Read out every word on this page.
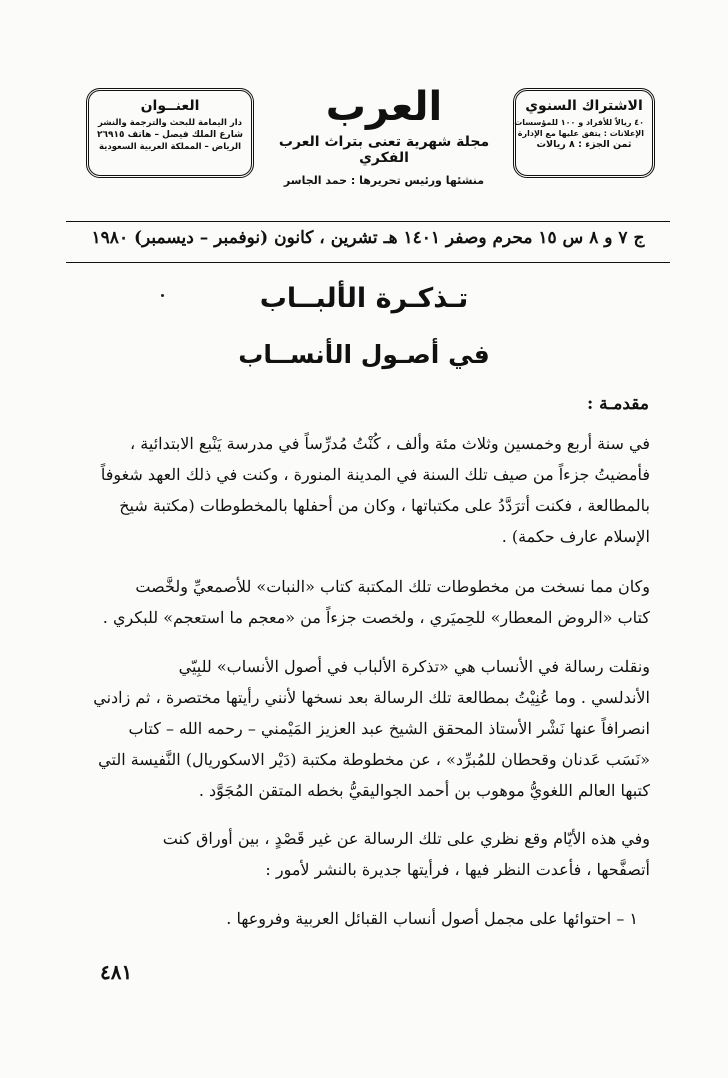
العنــوان
دار اليمامة للبحث والترجمة والنشر
شارع الملك فيصل – هاتف ٢٦٩١٥
الرياض – المملكة العربية السعودية
العرب
مجلة شهرية تعنى بتراث العرب الفكري
منشئها ورئيس تحريرها : حمد الجاسر
الاشتراك السنوي
٤٠ ريالاً للأفراد و ١٠٠ للمؤسسات
الإعلانات : يتفق عليها مع الإدارة
ثمن الجزء : ٨ ريالات
ج ٧ و ٨ س ١٥ محرم وصفر ١٤٠١ هـ تشرين ، كانون (نوفمبر – ديسمبر) ١٩٨٠
تـذكـرة الألبــاب
في أصـول الأنســاب
مقدمـة :
في سنة أربع وخمسين وثلاث مئة وألف ، كُنْتُ مُدرِّساً في مدرسة يَنْبع الابتدائية ،
فأمضيتُ جزءاً من صيف تلك السنة في المدينة المنورة ، وكنت في ذلك العهد شغوفاً
بالمطالعة ، فكنت أترَدَّدُ على مكتباتها ، وكان من أحفلها بالمخطوطات (مكتبة شيخ
الإسلام عارف حكمة) .
وكان مما نسخت من مخطوطات تلك المكتبة كتاب «النبات» للأصمعيِّ ولخَّصت
كتاب «الروض المعطار» للحِميَري ، ولخصت جزءاً من «معجم ما استعجم» للبكري .
ونقلت رسالة في الأنساب هي «تذكرة الألباب في أصول الأنساب» للبِيّي
الأندلسي . وما عُنِيْتُ بمطالعة تلك الرسالة بعد نسخها لأنني رأيتها مختصرة ، ثم زادني
انصرافاً عنها نَشْر الأستاذ المحقق الشيخ عبد العزيز المَيْمني – رحمه الله – كتاب
«نَسَب عَدنان وقحطان للمُبرِّد» ، عن مخطوطة مكتبة (دَيْر الاسكوريال) النَّفيسة التي
كتبها العالم اللغويُّ موهوب بن أحمد الجواليقيُّ بخطه المتقن المُجَوَّد .
وفي هذه الأيّام وقع نظري على تلك الرسالة عن غير قَصْدٍ ، بين أوراق كنت
أتصفَّحها ، فأعدت النظر فيها ، فرأيتها جديرة بالنشر لأمور :
١ – احتوائها على مجمل أصول أنساب القبائل العربية وفروعها .
٤٨١
